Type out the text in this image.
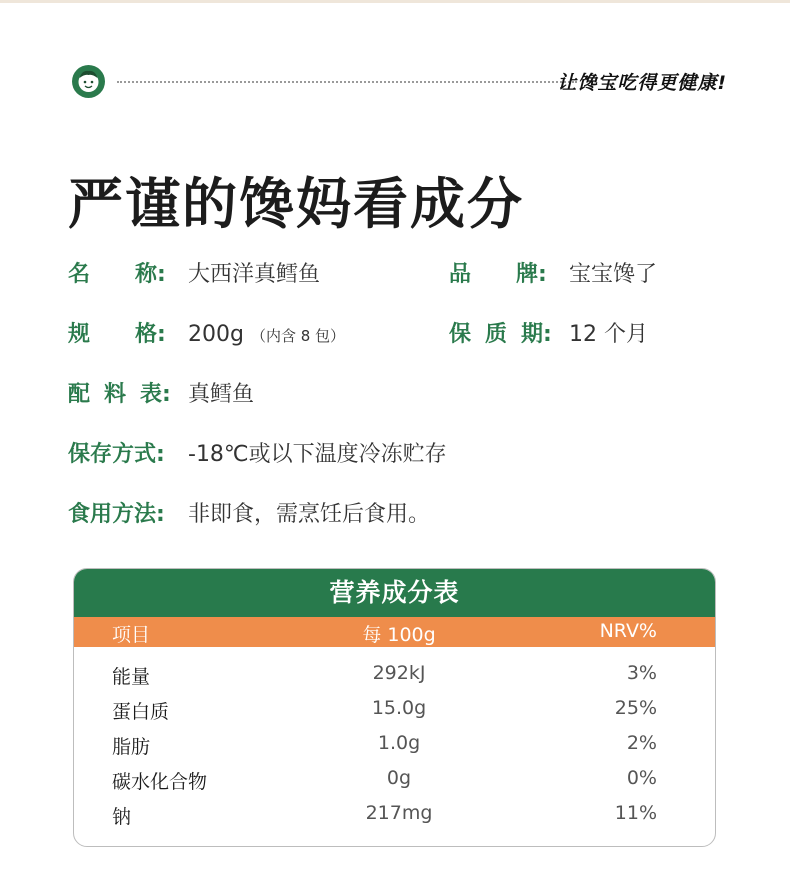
让馋宝吃得更健康!
严谨的馋妈看成分
名 称: 大西洋真鳕鱼	品 牌: 宝宝馋了
规 格: 200g （内含 8 包）	保 质 期: 12 个月
配 料 表: 真鳕鱼
保存方式: -18℃或以下温度冷冻贮存
食用方法: 非即食，需烹饪后食用。
营养成分表
项目	每 100g	NRV%
能量	292kJ	3%
蛋白质	15.0g	25%
脂肪	1.0g	2%
碳水化合物	0g	0%
钠	217mg	11%
